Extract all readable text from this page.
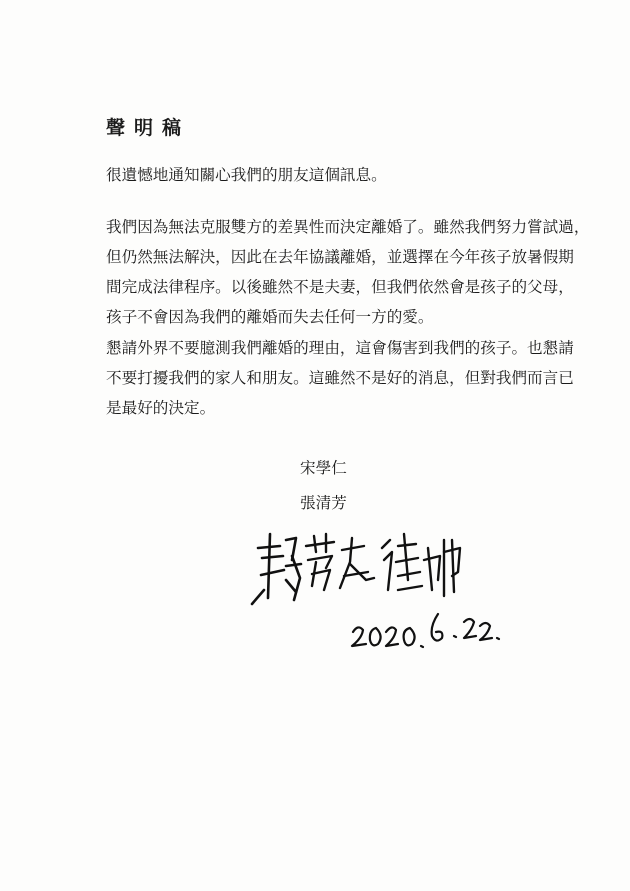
聲明稿
很遺憾地通知關心我們的朋友這個訊息。
我們因為無法克服雙方的差異性而決定離婚了。雖然我們努力嘗試過，
但仍然無法解決，因此在去年協議離婚，並選擇在今年孩子放暑假期
間完成法律程序。以後雖然不是夫妻，但我們依然會是孩子的父母，
孩子不會因為我們的離婚而失去任何一方的愛。
懇請外界不要臆測我們離婚的理由，這會傷害到我們的孩子。也懇請
不要打擾我們的家人和朋友。這雖然不是好的消息，但對我們而言已
是最好的決定。
宋學仁
張清芳
